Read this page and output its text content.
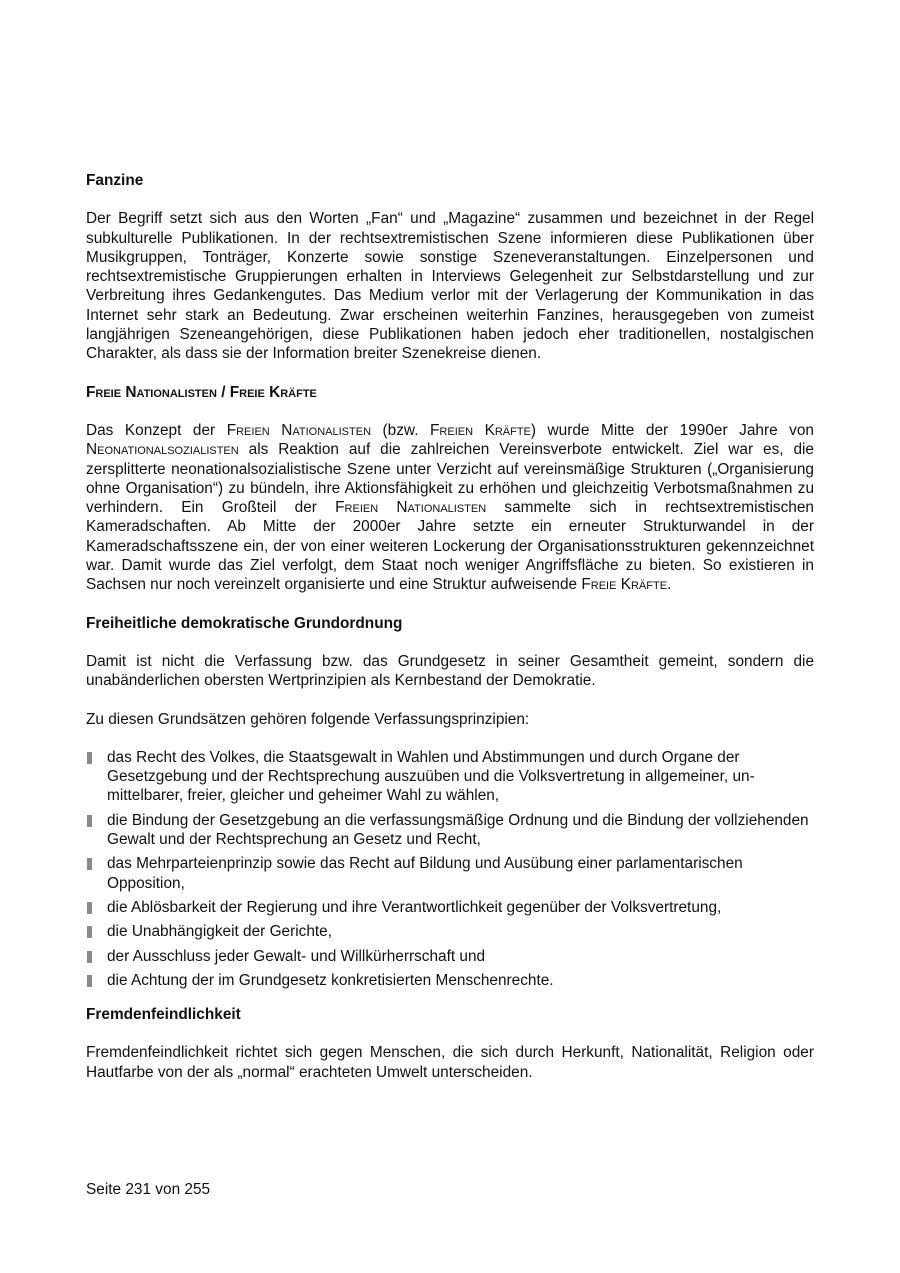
Fanzine

Der Begriff setzt sich aus den Worten „Fan“ und „Magazine“ zusammen und bezeichnet in der Regel subkulturelle Publikationen. In der rechtsextremistischen Szene informieren diese Publikationen über Musikgruppen, Tonträger, Konzerte sowie sonstige Szeneveranstaltungen. Einzelpersonen und rechtsextremistische Gruppierungen erhalten in Interviews Gelegenheit zur Selbstdarstellung und zur Verbreitung ihres Gedankengutes. Das Medium verlor mit der Verlagerung der Kommunikation in das Internet sehr stark an Bedeutung. Zwar erscheinen weiterhin Fanzines, herausgegeben von zumeist langjährigen Szeneangehörigen, diese Publikationen haben jedoch eher traditionellen, nostalgischen Charakter, als dass sie der Information breiter Szenekreise dienen.

Freie Nationalisten / Freie Kräfte

Das Konzept der Freien Nationalisten (bzw. Freien Kräfte) wurde Mitte der 1990er Jahre von Neonationalsozialisten als Reaktion auf die zahlreichen Vereinsverbote entwickelt. Ziel war es, die zersplitterte neonationalsozialistische Szene unter Verzicht auf vereinsmäßige Strukturen („Organisierung ohne Organisation“) zu bündeln, ihre Aktionsfähigkeit zu erhöhen und gleichzeitig Verbotsmaßnahmen zu verhindern. Ein Großteil der Freien Nationalisten sammelte sich in rechtsextremistischen Kameradschaften. Ab Mitte der 2000er Jahre setzte ein erneuter Strukturwandel in der Kameradschaftsszene ein, der von einer weiteren Lockerung der Organisationsstrukturen gekennzeichnet war. Damit wurde das Ziel verfolgt, dem Staat noch weniger Angriffsfläche zu bieten. So existieren in Sachsen nur noch vereinzelt organisierte und eine Struktur aufweisende Freie Kräfte.

Freiheitliche demokratische Grundordnung

Damit ist nicht die Verfassung bzw. das Grundgesetz in seiner Gesamtheit gemeint, sondern die unabänderlichen obersten Wertprinzipien als Kernbestand der Demokratie.

Zu diesen Grundsätzen gehören folgende Verfassungsprinzipien:

das Recht des Volkes, die Staatsgewalt in Wahlen und Abstimmungen und durch Organe der Gesetzgebung und der Rechtsprechung auszuüben und die Volksvertretung in allgemeiner, unmittelbarer, freier, gleicher und geheimer Wahl zu wählen,
die Bindung der Gesetzgebung an die verfassungsmäßige Ordnung und die Bindung der vollziehenden Gewalt und der Rechtsprechung an Gesetz und Recht,
das Mehrparteienprinzip sowie das Recht auf Bildung und Ausübung einer parlamentarischen Opposition,
die Ablösbarkeit der Regierung und ihre Verantwortlichkeit gegenüber der Volksvertretung,
die Unabhängigkeit der Gerichte,
der Ausschluss jeder Gewalt- und Willkürherrschaft und
die Achtung der im Grundgesetz konkretisierten Menschenrechte.
Fremdenfeindlichkeit

Fremdenfeindlichkeit richtet sich gegen Menschen, die sich durch Herkunft, Nationalität, Religion oder Hautfarbe von der als „normal“ erachteten Umwelt unterscheiden.

Seite 231 von 255
